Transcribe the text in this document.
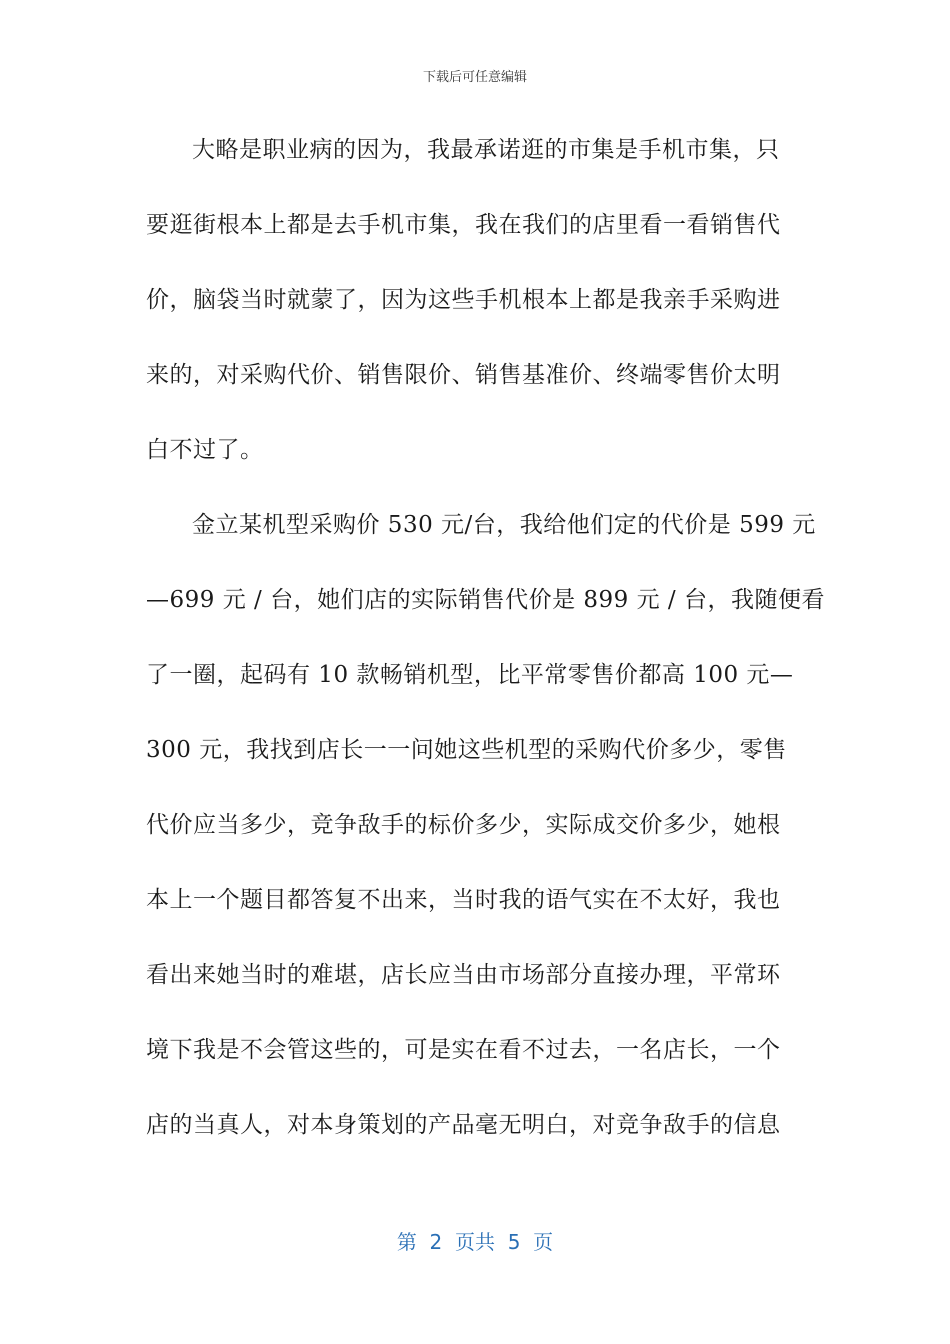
下载后可任意编辑
大略是职业病的因为，我最承诺逛的市集是手机市集，只
要逛街根本上都是去手机市集，我在我们的店里看一看销售代
价，脑袋当时就蒙了，因为这些手机根本上都是我亲手采购进
来的，对采购代价、销售限价、销售基准价、终端零售价太明
白不过了。
金立某机型采购价 530 元/台，我给他们定的代价是 599 元
—699 元 / 台，她们店的实际销售代价是 899 元 / 台，我随便看
了一圈，起码有 10 款畅销机型，比平常零售价都高 100 元—
300 元，我找到店长一一问她这些机型的采购代价多少，零售
代价应当多少，竞争敌手的标价多少，实际成交价多少，她根
本上一个题目都答复不出来，当时我的语气实在不太好，我也
看出来她当时的难堪，店长应当由市场部分直接办理，平常环
境下我是不会管这些的，可是实在看不过去，一名店长，一个
店的当真人，对本身策划的产品毫无明白，对竞争敌手的信息
第  2  页共  5  页
